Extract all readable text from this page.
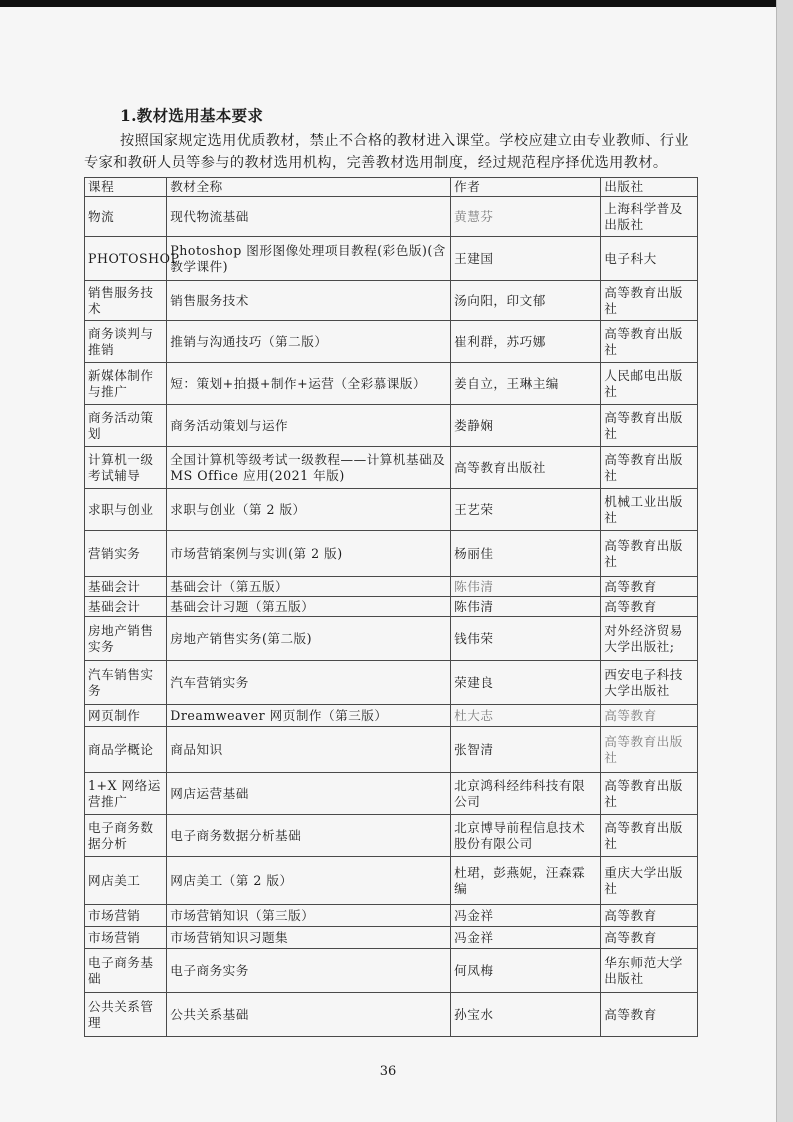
1.教材选用基本要求
按照国家规定选用优质教材，禁止不合格的教材进入课堂。学校应建立由专业教师、行业专家和教研人员等参与的教材选用机构，完善教材选用制度，经过规范程序择优选用教材。
课程	教材全称	作者	出版社
物流	现代物流基础	黄慧芬	上海科学普及出版社
PHOTOSHOP	Photoshop 图形图像处理项目教程(彩色版)(含教学课件)	王建国	电子科大
销售服务技术	销售服务技术	汤向阳，印文郁	高等教育出版社
商务谈判与推销	推销与沟通技巧（第二版）	崔利群，苏巧娜	高等教育出版社
新媒体制作与推广	短：策划+拍摄+制作+运营（全彩慕课版）	姜自立，王琳主编	人民邮电出版社
商务活动策划	商务活动策划与运作	娄静娴	高等教育出版社
计算机一级考试辅导	全国计算机等级考试一级教程——计算机基础及 MS Office 应用(2021 年版)	高等教育出版社	高等教育出版社
求职与创业	求职与创业（第 2 版）	王艺荣	机械工业出版社
营销实务	市场营销案例与实训(第 2 版)	杨丽佳	高等教育出版社
基础会计	基础会计（第五版）	陈伟清	高等教育
基础会计	基础会计习题（第五版）	陈伟清	高等教育
房地产销售实务	房地产销售实务(第二版)	钱伟荣	对外经济贸易大学出版社;
汽车销售实务	汽车营销实务	荣建良	西安电子科技大学出版社
网页制作	Dreamweaver 网页制作（第三版）	杜大志	高等教育
商品学概论	商品知识	张智清	高等教育出版社
1+X 网络运营推广	网店运营基础	北京鸿科经纬科技有限公司	高等教育出版社
电子商务数据分析	电子商务数据分析基础	北京博导前程信息技术股份有限公司	高等教育出版社
网店美工	网店美工（第 2 版）	杜珺，彭燕妮，汪森霖 编	重庆大学出版社
市场营销	市场营销知识（第三版）	冯金祥	高等教育
市场营销	市场营销知识习题集	冯金祥	高等教育
电子商务基础	电子商务实务	何凤梅	华东师范大学出版社
公共关系管理	公共关系基础	孙宝水	高等教育
36
